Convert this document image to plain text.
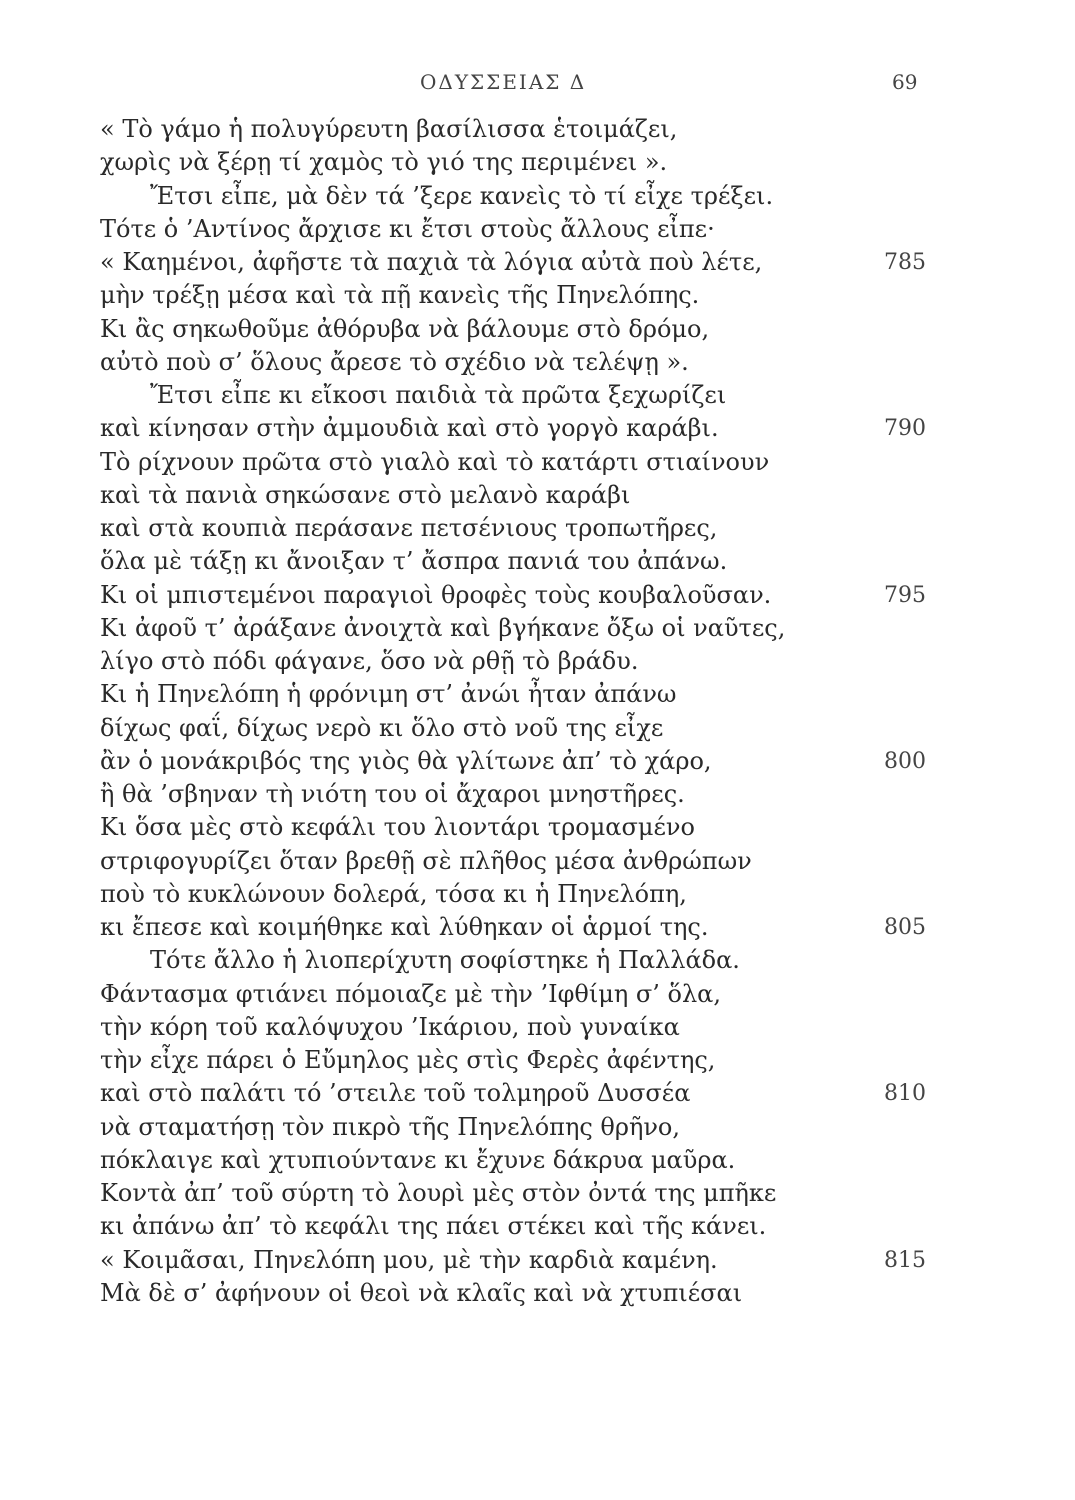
ΟΔΥΣΣΕΙΑΣ Δ	69
« Τὸ γάμο ἡ πολυγύρευτη βασίλισσα ἑτοιμάζει,
χωρὶς νὰ ξέρῃ τί χαμὸς τὸ γιό της περιμένει ».
Ἔτσι εἶπε, μὰ δὲν τά ’ξερε κανεὶς τὸ τί εἶχε τρέξει.
Τότε ὁ ’Αντίνος ἄρχισε κι ἔτσι στοὺς ἄλλους εἶπε·
« Καημένοι, ἀφῆστε τὰ παχιὰ τὰ λόγια αὐτὰ ποὺ λέτε,	785
μὴν τρέξῃ μέσα καὶ τὰ πῇ κανεὶς τῆς Πηνελόπης.
Κι ἂς σηκωθοῦμε ἀθόρυβα νὰ βάλουμε στὸ δρόμο,
αὐτὸ ποὺ σ’ ὅλους ἄρεσε τὸ σχέδιο νὰ τελέψῃ ».
Ἔτσι εἶπε κι εἴκοσι παιδιὰ τὰ πρῶτα ξεχωρίζει
καὶ κίνησαν στὴν ἀμμουδιὰ καὶ στὸ γοργὸ καράβι.	790
Τὸ ρίχνουν πρῶτα στὸ γιαλὸ καὶ τὸ κατάρτι στιαίνουν
καὶ τὰ πανιὰ σηκώσανε στὸ μελανὸ καράβι
καὶ στὰ κουπιὰ περάσανε πετσένιους τροπωτῆρες,
ὅλα μὲ τάξῃ κι ἄνοιξαν τ’ ἄσπρα πανιά του ἀπάνω.
Κι οἱ μπιστεμένοι παραγιοὶ θροφὲς τοὺς κουβαλοῦσαν.	795
Κι ἀφοῦ τ’ ἀράξανε ἀνοιχτὰ καὶ βγήκανε ὄξω οἱ ναῦτες,
λίγο στὸ πόδι φάγανε, ὅσο νὰ ρθῇ τὸ βράδυ.
Κι ἡ Πηνελόπη ἡ φρόνιμη στ’ ἀνώι ἦταν ἀπάνω
δίχως φαΐ, δίχως νερὸ κι ὅλο στὸ νοῦ της εἶχε
ἂν ὁ μονάκριβός της γιὸς θὰ γλίτωνε ἀπ’ τὸ χάρο,	800
ἢ θὰ ’σβηναν τὴ νιότη του οἱ ἄχαροι μνηστῆρες.
Κι ὅσα μὲς στὸ κεφάλι του λιοντάρι τρομασμένο
στριφογυρίζει ὅταν βρεθῇ σὲ πλῆθος μέσα ἀνθρώπων
ποὺ τὸ κυκλώνουν δολερά, τόσα κι ἡ Πηνελόπη,
κι ἔπεσε καὶ κοιμήθηκε καὶ λύθηκαν οἱ ἁρμοί της.	805
Τότε ἄλλο ἡ λιοπερίχυτη σοφίστηκε ἡ Παλλάδα.
Φάντασμα φτιάνει πόμοιαζε μὲ τὴν ’Ιφθίμη σ’ ὅλα,
τὴν κόρη τοῦ καλόψυχου ’Ικάριου, ποὺ γυναίκα
τὴν εἶχε πάρει ὁ Εὔμηλος μὲς στὶς Φερὲς ἀφέντης,
καὶ στὸ παλάτι τό ’στειλε τοῦ τολμηροῦ Δυσσέα	810
νὰ σταματήσῃ τὸν πικρὸ τῆς Πηνελόπης θρῆνο,
πόκλαιγε καὶ χτυπιούντανε κι ἔχυνε δάκρυα μαῦρα.
Κοντὰ ἀπ’ τοῦ σύρτη τὸ λουρὶ μὲς στὸν ὀντά της μπῆκε
κι ἀπάνω ἀπ’ τὸ κεφάλι της πάει στέκει καὶ τῆς κάνει.
« Κοιμᾶσαι, Πηνελόπη μου, μὲ τὴν καρδιὰ καμένη.	815
Μὰ δὲ σ’ ἀφήνουν οἱ θεοὶ νὰ κλαῖς καὶ νὰ χτυπιέσαι
